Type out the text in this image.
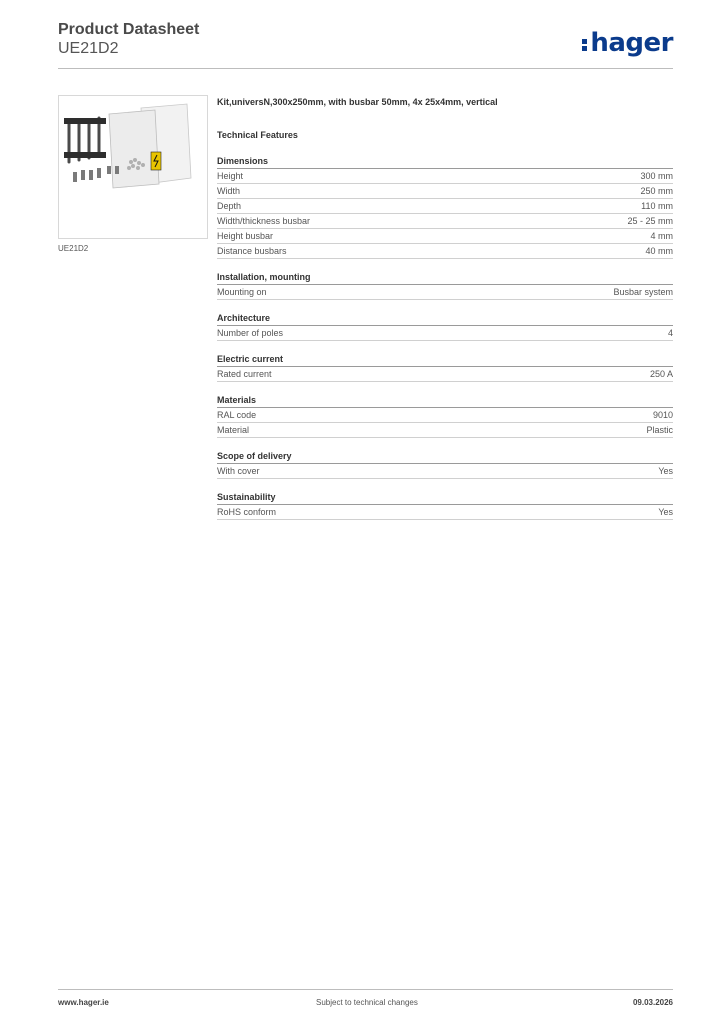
Product Datasheet
UE21D2	hager
UE21D2
Kit,universN,300x250mm, with busbar 50mm, 4x 25x4mm, vertical
Technical Features
Dimensions
Height	300 mm
Width	250 mm
Depth	110 mm
Width/thickness busbar	25 - 25 mm
Height busbar	4 mm
Distance busbars	40 mm
Installation, mounting
Mounting on	Busbar system
Architecture
Number of poles	4
Electric current
Rated current	250 A
Materials
RAL code	9010
Material	Plastic
Scope of delivery
With cover	Yes
Sustainability
RoHS conform	Yes
www.hager.ie	Subject to technical changes	09.03.2026
